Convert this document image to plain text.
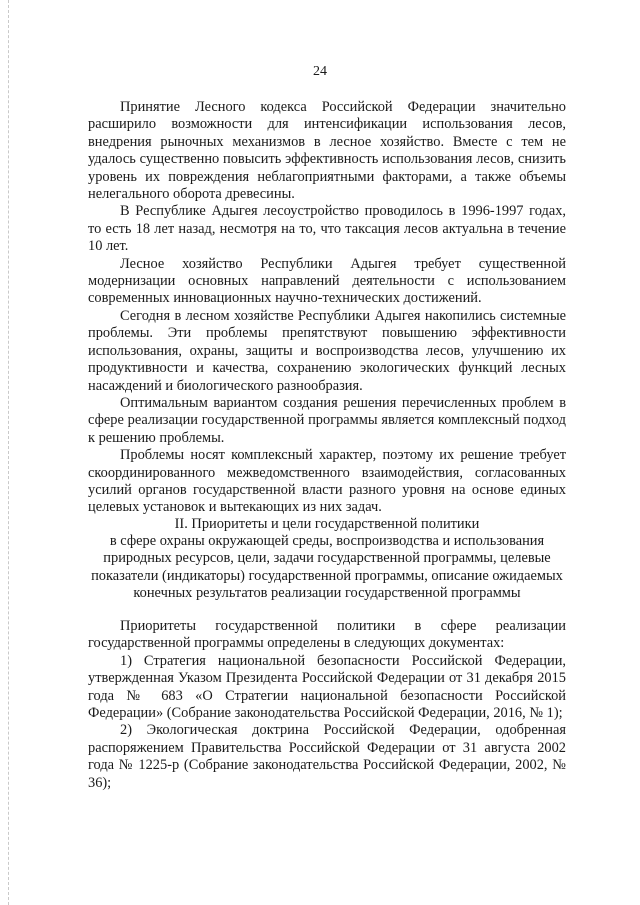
24

Принятие Лесного кодекса Российской Федерации значительно расширило возможности для интенсификации использования лесов, внедрения рыночных механизмов в лесное хозяйство. Вместе с тем не удалось существенно повысить эффективность использования лесов, снизить уровень их повреждения неблагоприятными факторами, а также объемы нелегального оборота древесины.

В Республике Адыгея лесоустройство проводилось в 1996-1997 годах, то есть 18 лет назад, несмотря на то, что таксация лесов актуальна в течение 10 лет.

Лесное хозяйство Республики Адыгея требует существенной модернизации основных направлений деятельности с использованием современных инновационных научно-технических достижений.

Сегодня в лесном хозяйстве Республики Адыгея накопились системные проблемы. Эти проблемы препятствуют повышению эффективности использования, охраны, защиты и воспроизводства лесов, улучшению их продуктивности и качества, сохранению экологических функций лесных насаждений и биологического разнообразия.

Оптимальным вариантом создания решения перечисленных проблем в сфере реализации государственной программы является комплексный подход к решению проблемы.

Проблемы носят комплексный характер, поэтому их решение требует скоординированного межведомственного взаимодействия, согласованных усилий органов государственной власти разного уровня на основе единых целевых установок и вытекающих из них задач.

II. Приоритеты и цели государственной политики
в сфере охраны окружающей среды, воспроизводства и использования
природных ресурсов, цели, задачи государственной программы, целевые
показатели (индикаторы) государственной программы, описание ожидаемых
конечных результатов реализации государственной программы

Приоритеты государственной политики в сфере реализации государственной программы определены в следующих документах:

1) Стратегия национальной безопасности Российской Федерации, утвержденная Указом Президента Российской Федерации от 31 декабря 2015 года № 683 «О Стратегии национальной безопасности Российской Федерации» (Собрание законодательства Российской Федерации, 2016, № 1);

2) Экологическая доктрина Российской Федерации, одобренная распоряжением Правительства Российской Федерации от 31 августа 2002 года № 1225-р (Собрание законодательства Российской Федерации, 2002, № 36);
